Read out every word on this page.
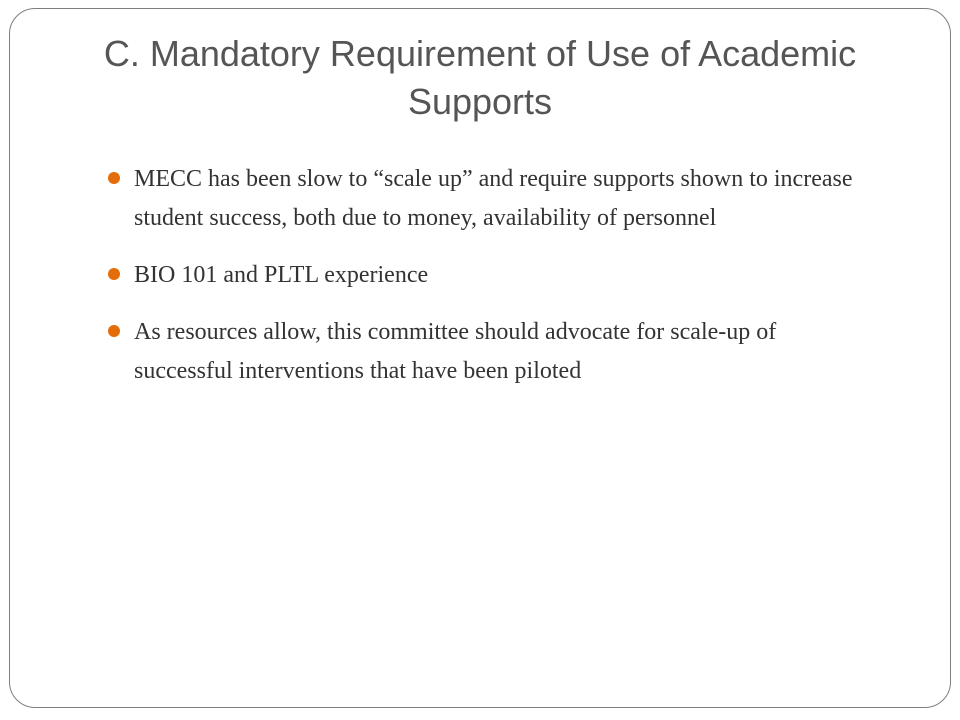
C. Mandatory Requirement of Use of Academic Supports
MECC has been slow to “scale up” and require supports shown to increase student success, both due to money, availability of personnel
BIO 101 and PLTL experience
As resources allow, this committee should advocate for scale-up of successful interventions that have been piloted
